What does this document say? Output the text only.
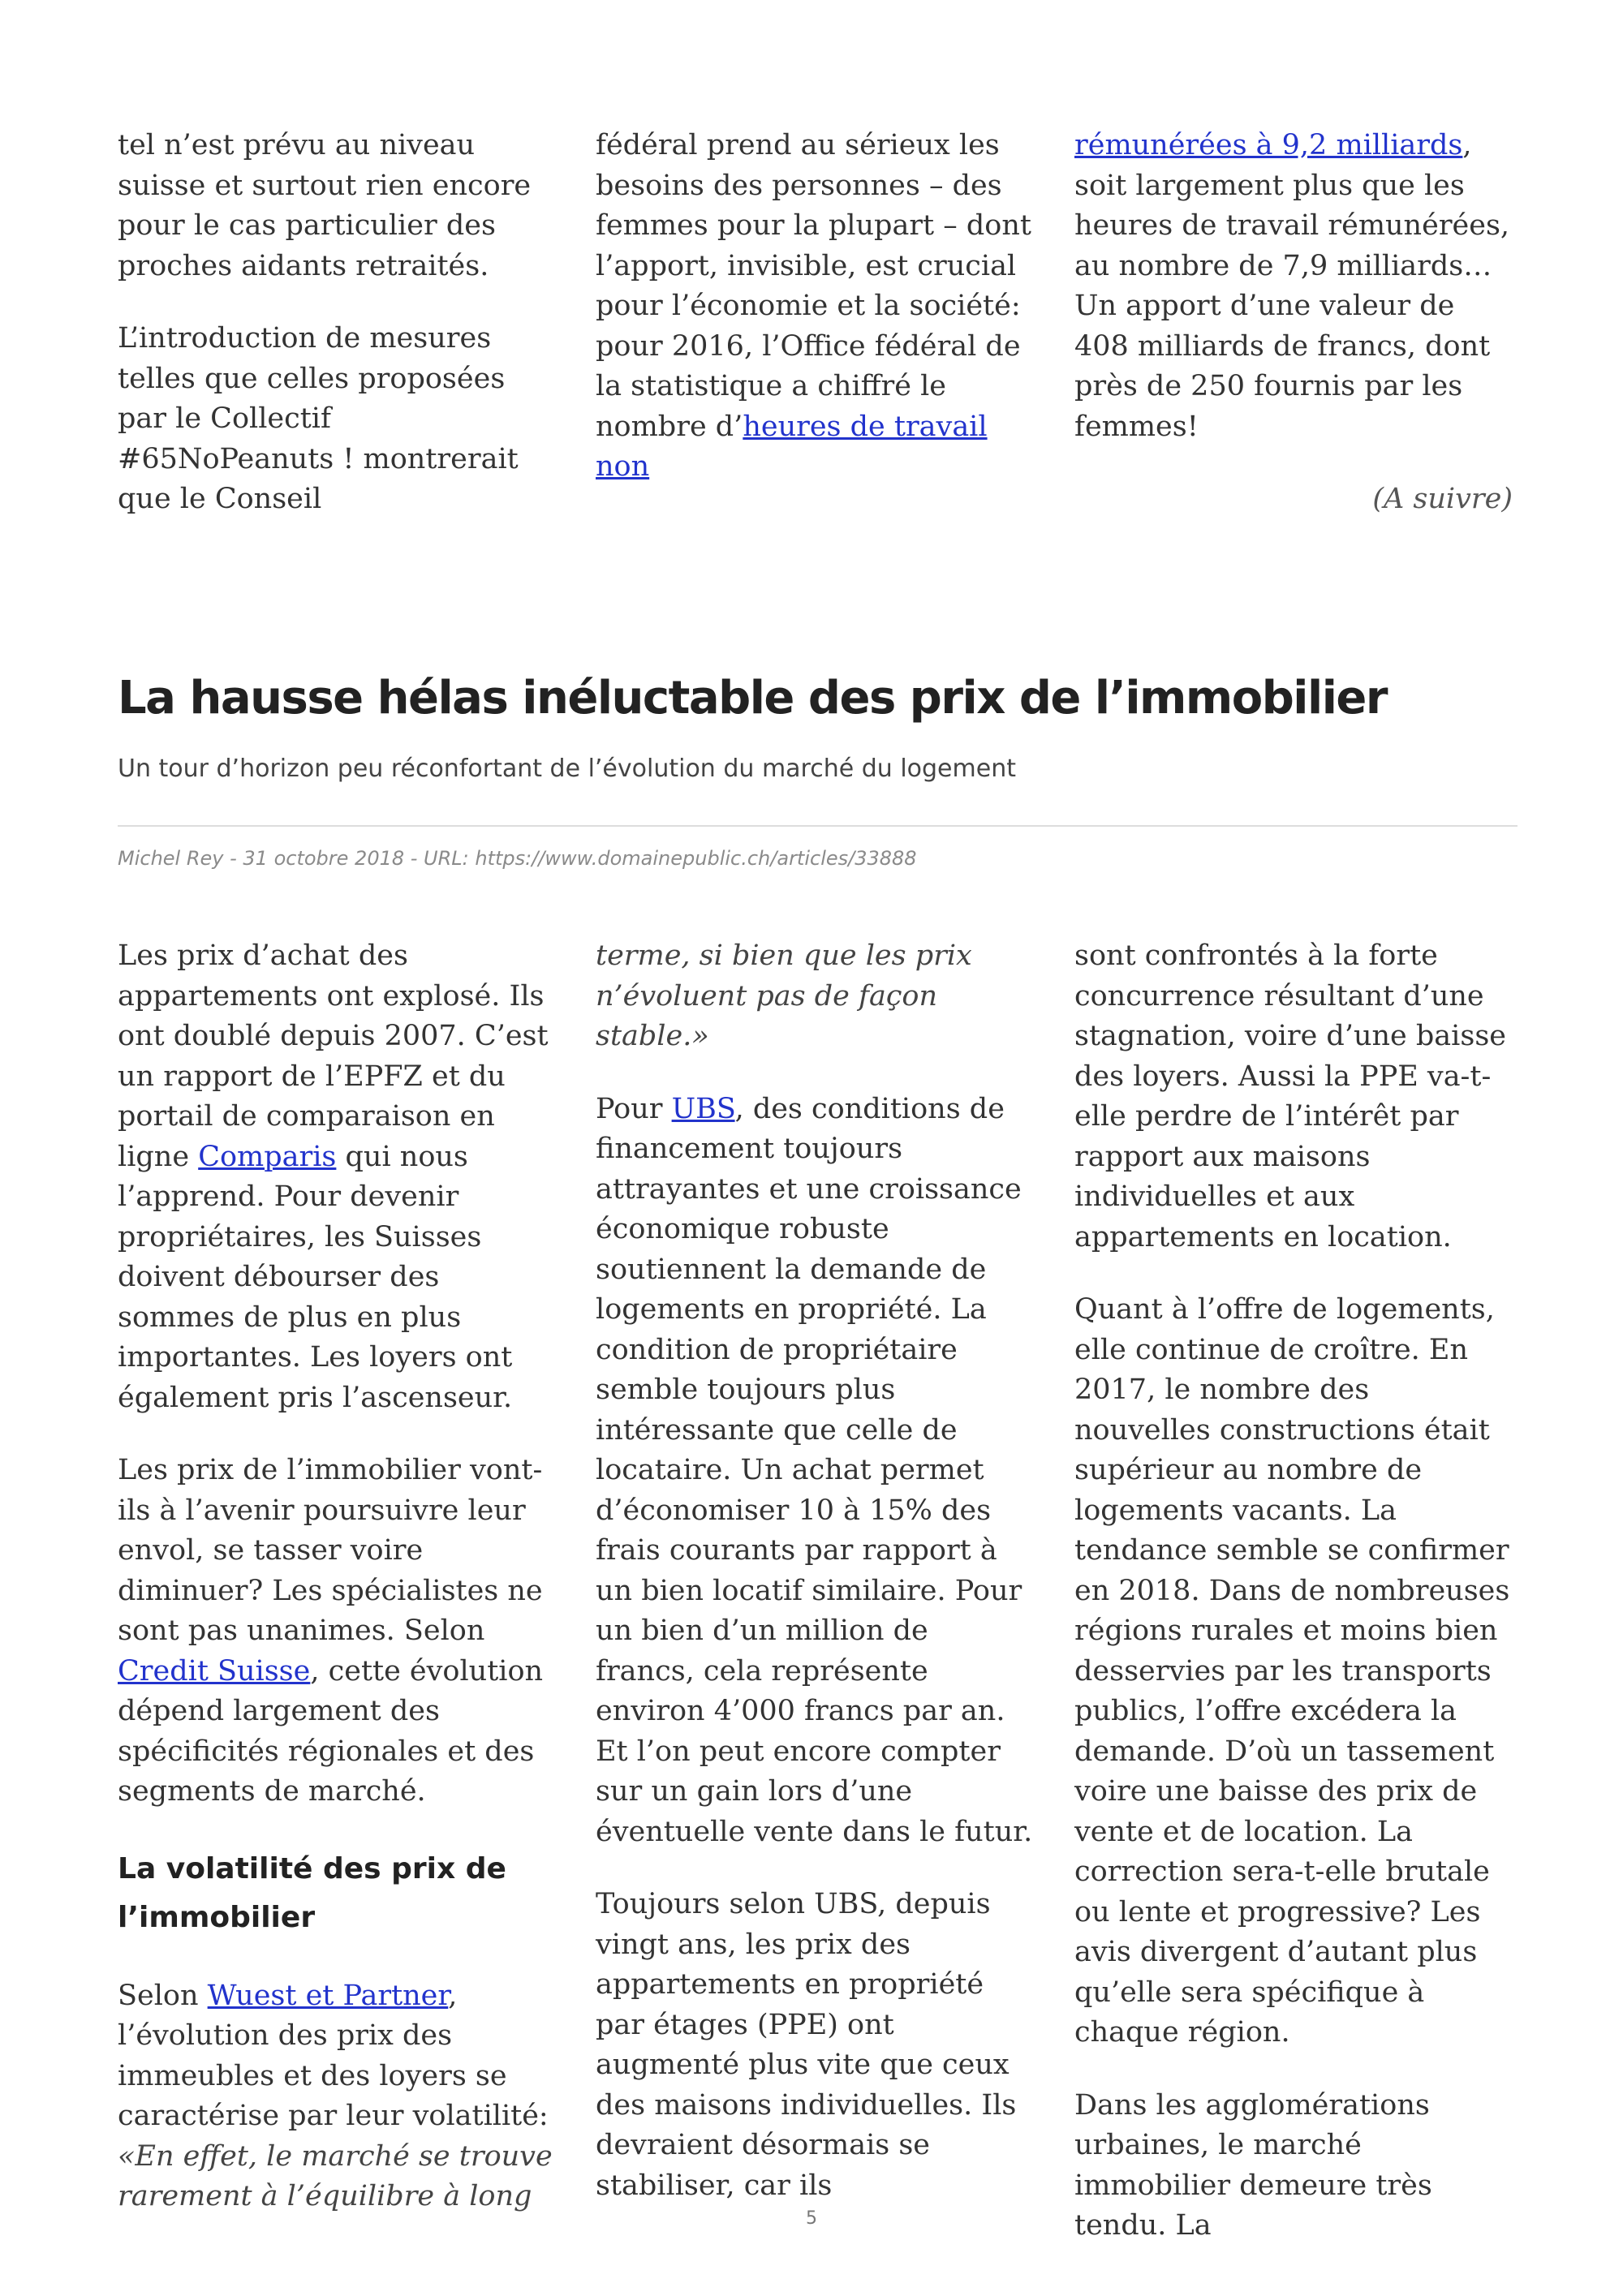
tel n’est prévu au niveau suisse et surtout rien encore pour le cas particulier des proches aidants retraités.

L’introduction de mesures telles que celles proposées par le Collectif #65NoPeanuts ! montrerait que le Conseil

fédéral prend au sérieux les besoins des personnes – des femmes pour la plupart – dont l’apport, invisible, est crucial pour l’économie et la société: pour 2016, l’Office fédéral de la statistique a chiffré le nombre d’heures de travail non

rémunérées à 9,2 milliards, soit largement plus que les heures de travail rémunérées, au nombre de 7,9 milliards… Un apport d’une valeur de 408 milliards de francs, dont près de 250 fournis par les femmes!

(A suivre)

La hausse hélas inéluctable des prix de l’immobilier
Un tour d’horizon peu réconfortant de l’évolution du marché du logement
Michel Rey - 31 octobre 2018 - URL: https://www.domainepublic.ch/articles/33888

Les prix d’achat des appartements ont explosé. Ils ont doublé depuis 2007. C’est un rapport de l’EPFZ et du portail de comparaison en ligne Comparis qui nous l’apprend. Pour devenir propriétaires, les Suisses doivent débourser des sommes de plus en plus importantes. Les loyers ont également pris l’ascenseur.

Les prix de l’immobilier vont-ils à l’avenir poursuivre leur envol, se tasser voire diminuer? Les spécialistes ne sont pas unanimes. Selon Credit Suisse, cette évolution dépend largement des spécificités régionales et des segments de marché.

La volatilité des prix de l’immobilier

Selon Wuest et Partner, l’évolution des prix des immeubles et des loyers se caractérise par leur volatilité: «En effet, le marché se trouve rarement à l’équilibre à long

terme, si bien que les prix n’évoluent pas de façon stable.»

Pour UBS, des conditions de financement toujours attrayantes et une croissance économique robuste soutiennent la demande de logements en propriété. La condition de propriétaire semble toujours plus intéressante que celle de locataire. Un achat permet d’économiser 10 à 15% des frais courants par rapport à un bien locatif similaire. Pour un bien d’un million de francs, cela représente environ 4’000 francs par an. Et l’on peut encore compter sur un gain lors d’une éventuelle vente dans le futur.

Toujours selon UBS, depuis vingt ans, les prix des appartements en propriété par étages (PPE) ont augmenté plus vite que ceux des maisons individuelles. Ils devraient désormais se stabiliser, car ils

sont confrontés à la forte concurrence résultant d’une stagnation, voire d’une baisse des loyers. Aussi la PPE va-t-elle perdre de l’intérêt par rapport aux maisons individuelles et aux appartements en location.

Quant à l’offre de logements, elle continue de croître. En 2017, le nombre des nouvelles constructions était supérieur au nombre de logements vacants. La tendance semble se confirmer en 2018. Dans de nombreuses régions rurales et moins bien desservies par les transports publics, l’offre excédera la demande. D’où un tassement voire une baisse des prix de vente et de location. La correction sera-t-elle brutale ou lente et progressive? Les avis divergent d’autant plus qu’elle sera spécifique à chaque région.

Dans les agglomérations urbaines, le marché immobilier demeure très tendu. La

5
